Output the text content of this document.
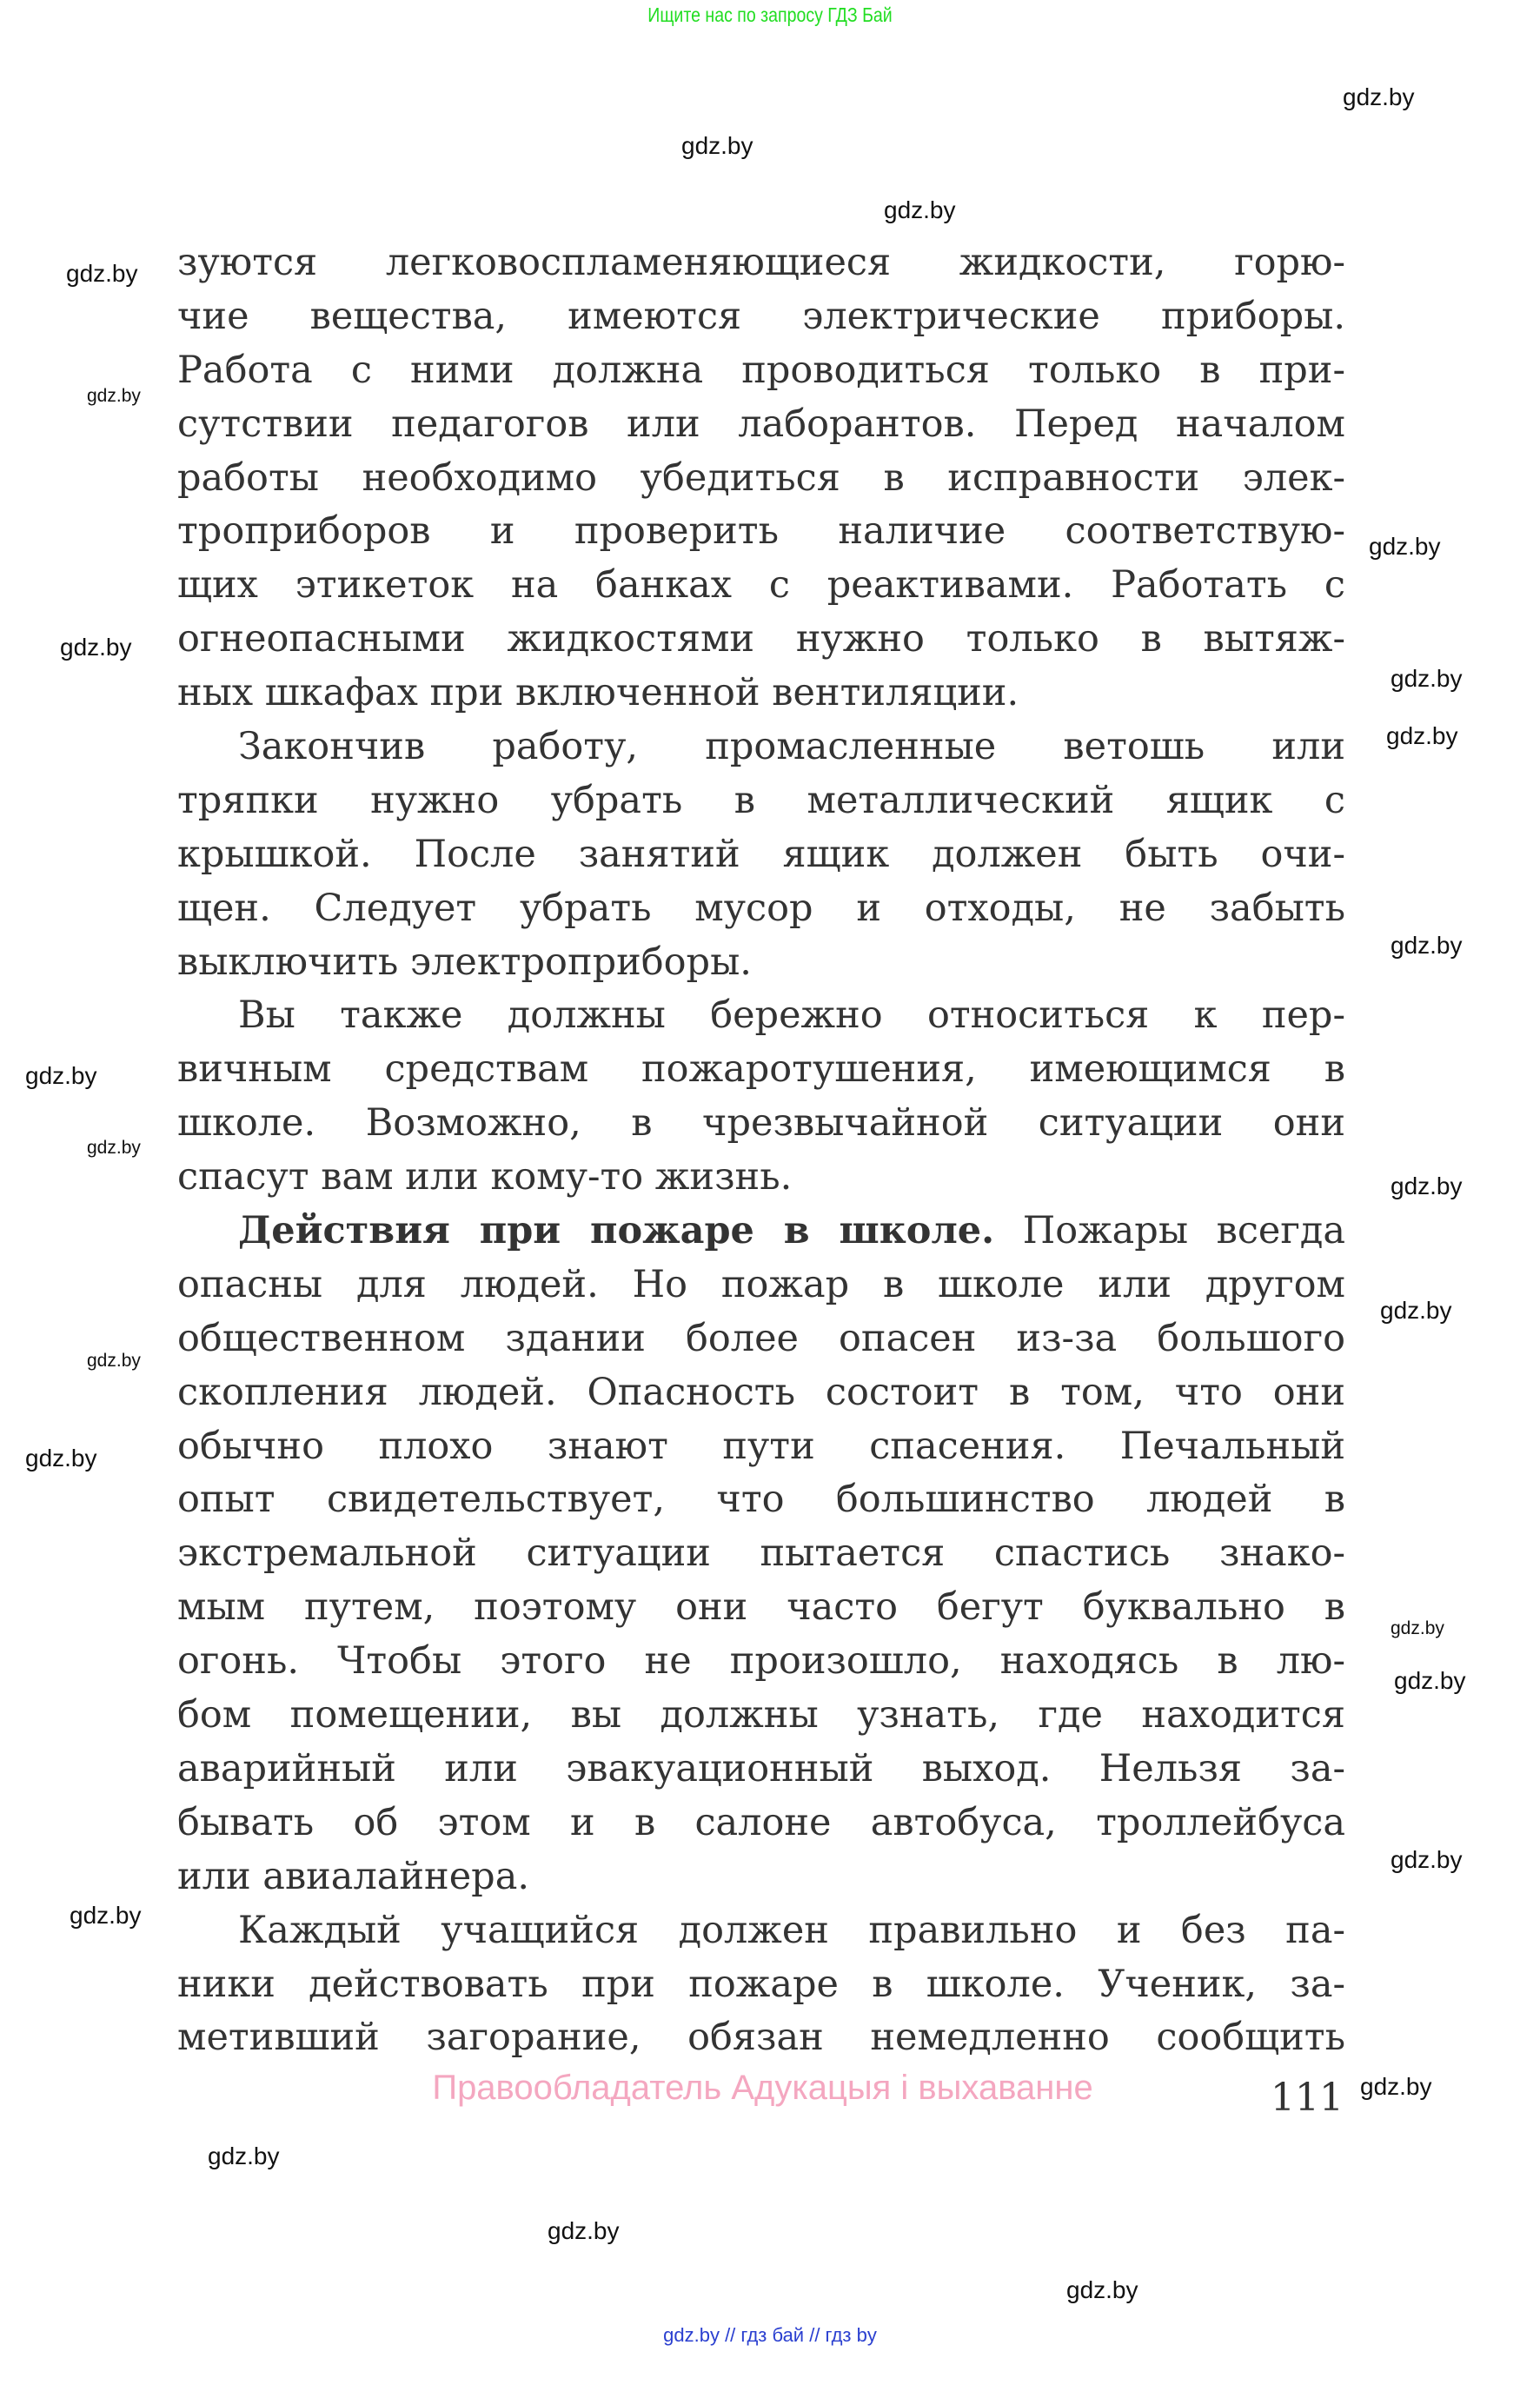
Ищите нас по запросу ГДЗ Бай
gdz.by
gdz.by
gdz.by
gdz.by
gdz.by
gdz.by
gdz.by
gdz.by
gdz.by
gdz.by
gdz.by
gdz.by
gdz.by
gdz.by
gdz.by
gdz.by
gdz.by
gdz.by
gdz.by
gdz.by
gdz.by
gdz.by
gdz.by
gdz.by
зуются легковоспламеняющиеся жидкости, горю-
чие вещества, имеются электрические приборы.
Работа с ними должна проводиться только в при-
сутствии педагогов или лаборантов. Перед началом
работы необходимо убедиться в исправности элек-
троприборов и проверить наличие соответствую-
щих этикеток на банках с реактивами. Работать с
огнеопасными жидкостями нужно только в вытяж-
ных шкафах при включенной вентиляции.
Закончив работу, промасленные ветошь или
тряпки нужно убрать в металлический ящик с
крышкой. После занятий ящик должен быть очи-
щен. Следует убрать мусор и отходы, не забыть
выключить электроприборы.
Вы также должны бережно относиться к пер-
вичным средствам пожаротушения, имеющимся в
школе. Возможно, в чрезвычайной ситуации они
спасут вам или кому-то жизнь.
Действия при пожаре в школе. Пожары всегда
опасны для людей. Но пожар в школе или другом
общественном здании более опасен из-за большого
скопления людей. Опасность состоит в том, что они
обычно плохо знают пути спасения. Печальный
опыт свидетельствует, что большинство людей в
экстремальной ситуации пытается спастись знако-
мым путем, поэтому они часто бегут буквально в
огонь. Чтобы этого не произошло, находясь в лю-
бом помещении, вы должны узнать, где находится
аварийный или эвакуационный выход. Нельзя за-
бывать об этом и в салоне автобуса, троллейбуса
или авиалайнера.
Каждый учащийся должен правильно и без па-
ники действовать при пожаре в школе. Ученик, за-
метивший загорание, обязан немедленно сообщить
Правообладатель Адукацыя і выхаванне	111
gdz.by // гдз бай // гдз by
